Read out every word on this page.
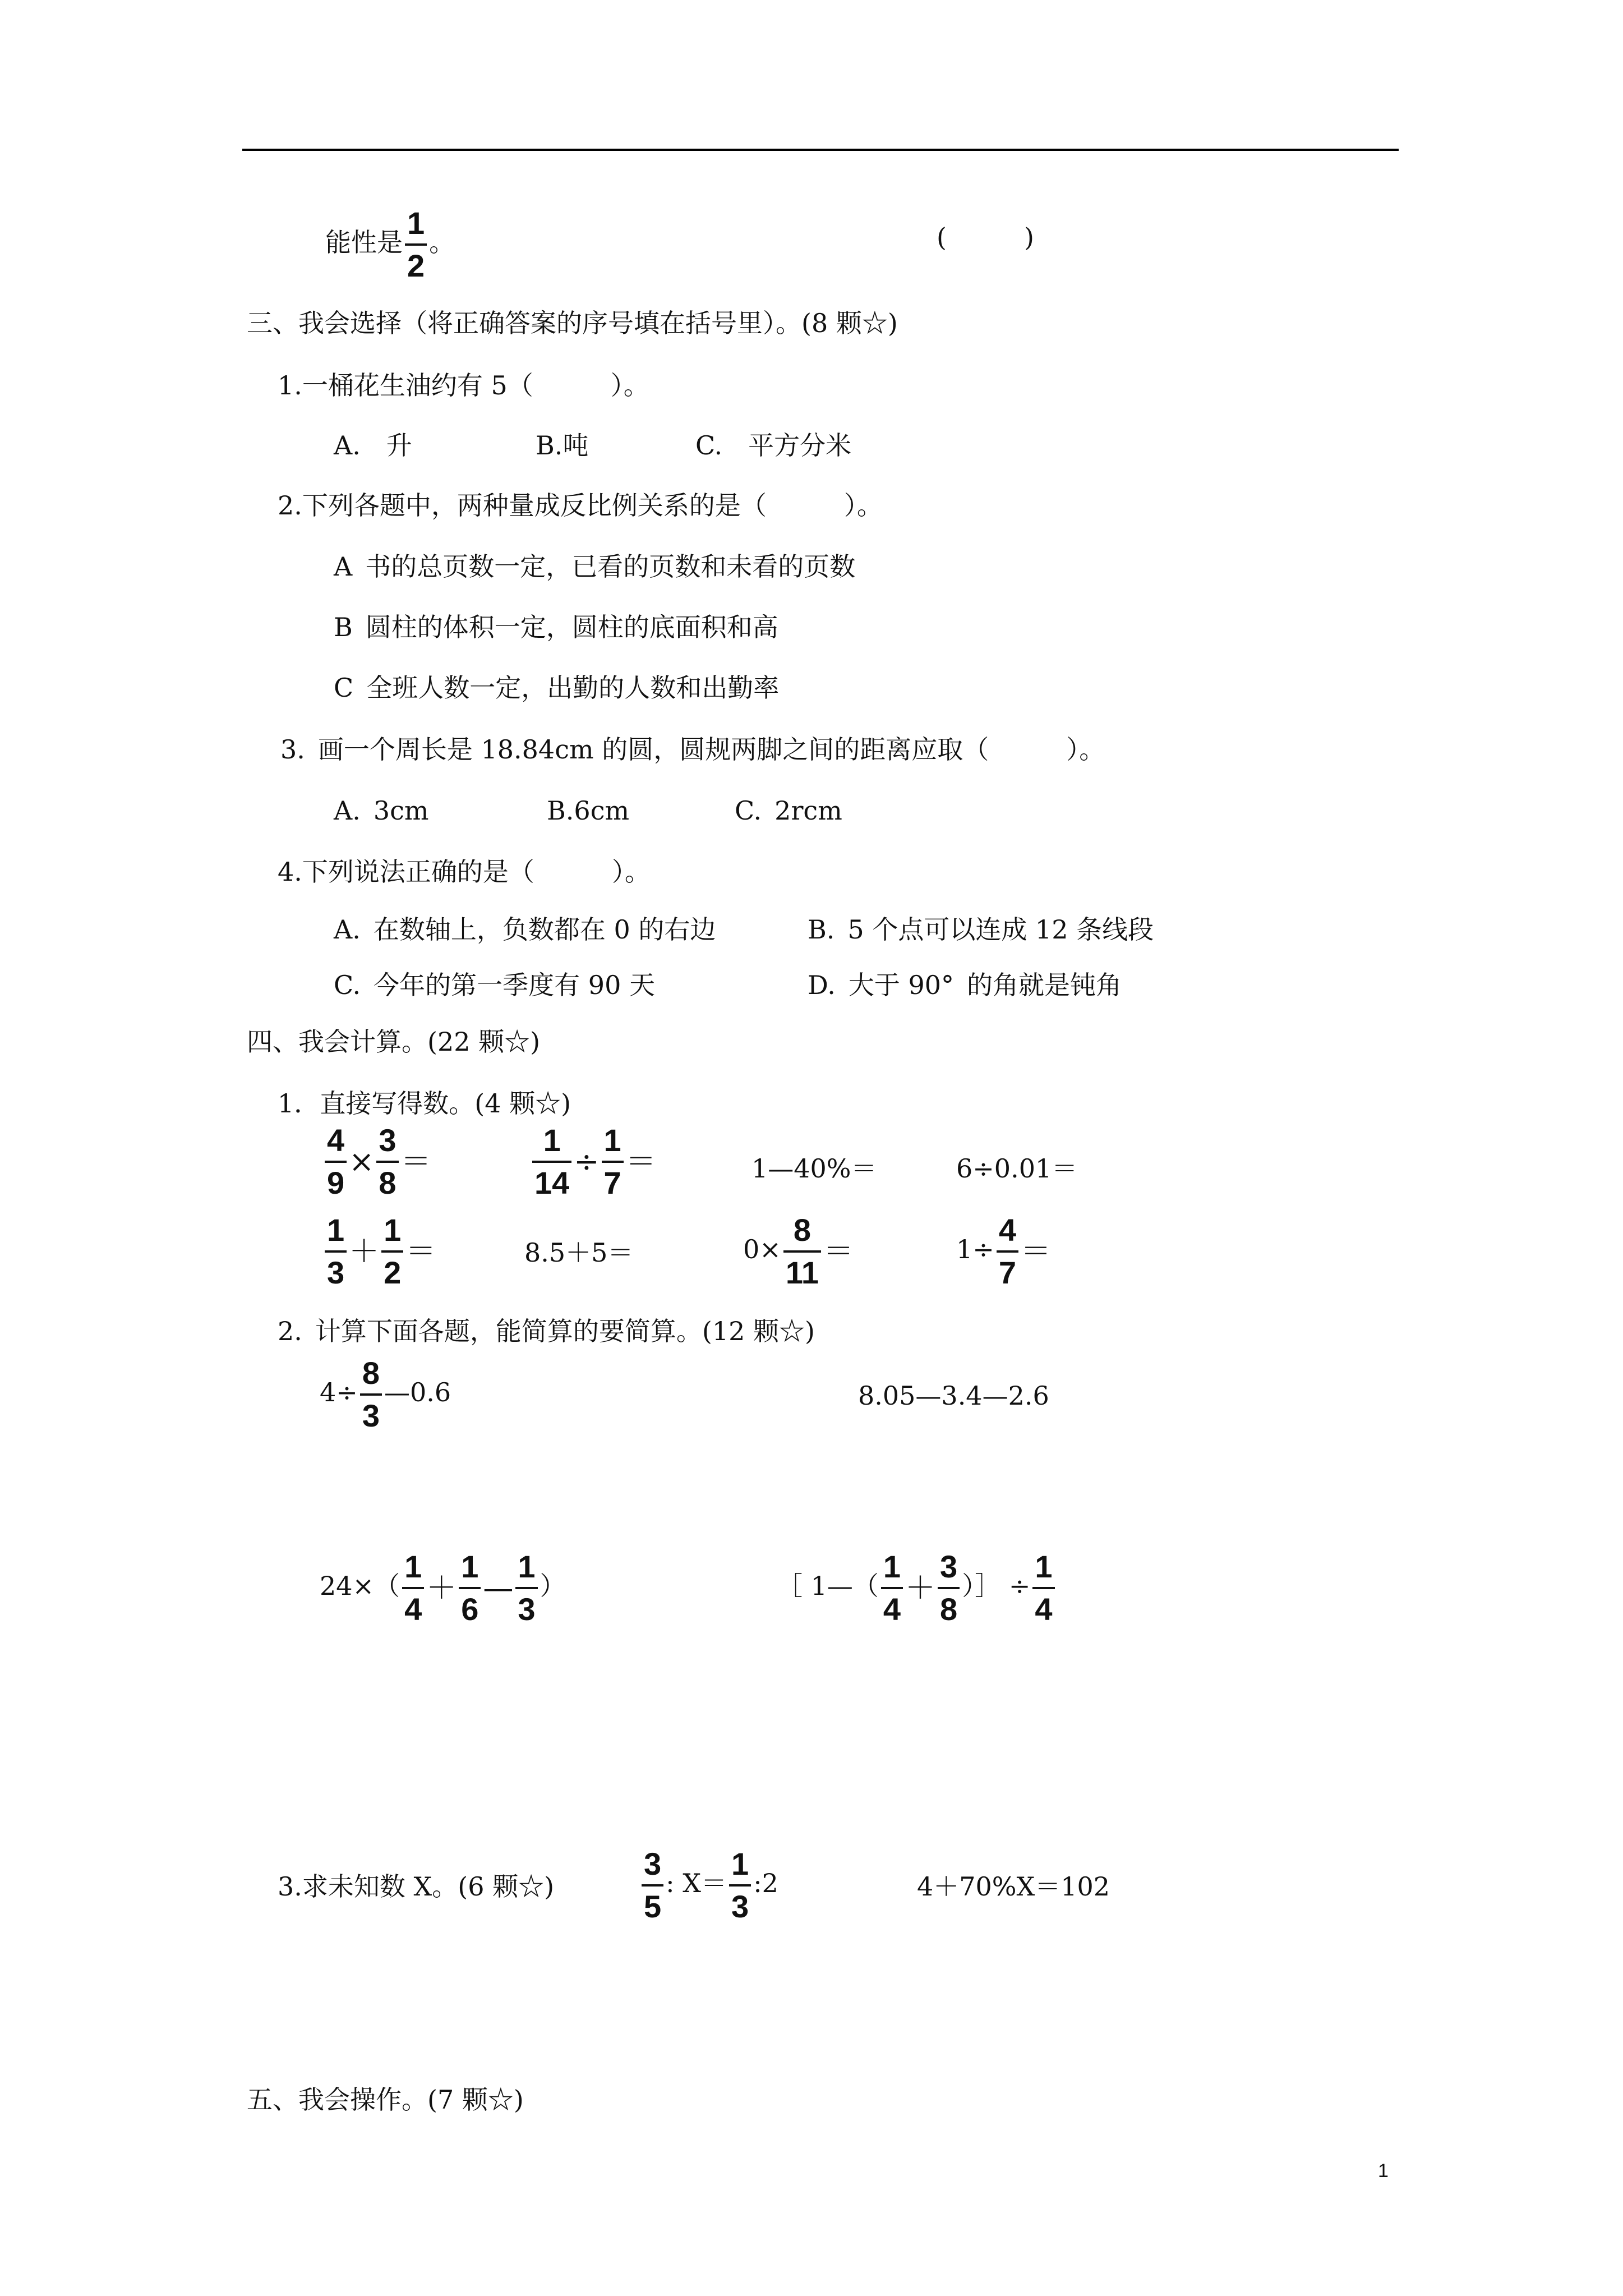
能性是 $\frac{1}{2}$ 。	(   )
三、我会选择（将正确答案的序号填在括号里）。(8 颗☆)
1.一桶花生油约有 5（   ）。
A. 升	B.吨	C. 平方分米
2.下列各题中，两种量成反比例关系的是（   ）。
A 书的总页数一定，已看的页数和未看的页数
B 圆柱的体积一定，圆柱的底面积和高
C 全班人数一定，出勤的人数和出勤率
3. 画一个周长是 18.84cm 的圆，圆规两脚之间的距离应取（   ）。
A. 3cm	B.6cm	C. 2rcm
4.下列说法正确的是（   ）。
A. 在数轴上，负数都在 0 的右边	B. 5 个点可以连成 12 条线段
C. 今年的第一季度有 90 天	D. 大于 90° 的角就是钝角
四、我会计算。(22 颗☆)
1．直接写得数。(4 颗☆)
$\frac{4}{9} \times \frac{3}{8}$ ＝	$\frac{1}{14} \div \frac{1}{7}$ ＝	1—40%＝	6÷0.01＝
$\frac{1}{3} + \frac{1}{2}$ ＝	8.5＋5＝	$0\times \frac{8}{11}$ ＝	$1\div \frac{4}{7}$ ＝
2. 计算下面各题，能简算的要简算。(12 颗☆)
$4\div \frac{8}{3}$ —0.6	8.05—3.4—2.6
$24\times( \frac{1}{4} + \frac{1}{6}$ — $\frac{1}{3}$ ）	［ 1—（ $\frac{1}{4} + \frac{3}{8}$ ）］ ÷ $\frac{1}{4}$
3.求未知数 X。(6 颗☆)	$\frac{3}{5}$ : $X= \frac{1}{3}$ :2	4＋70%X＝102
五、我会操作。(7 颗☆)
1
